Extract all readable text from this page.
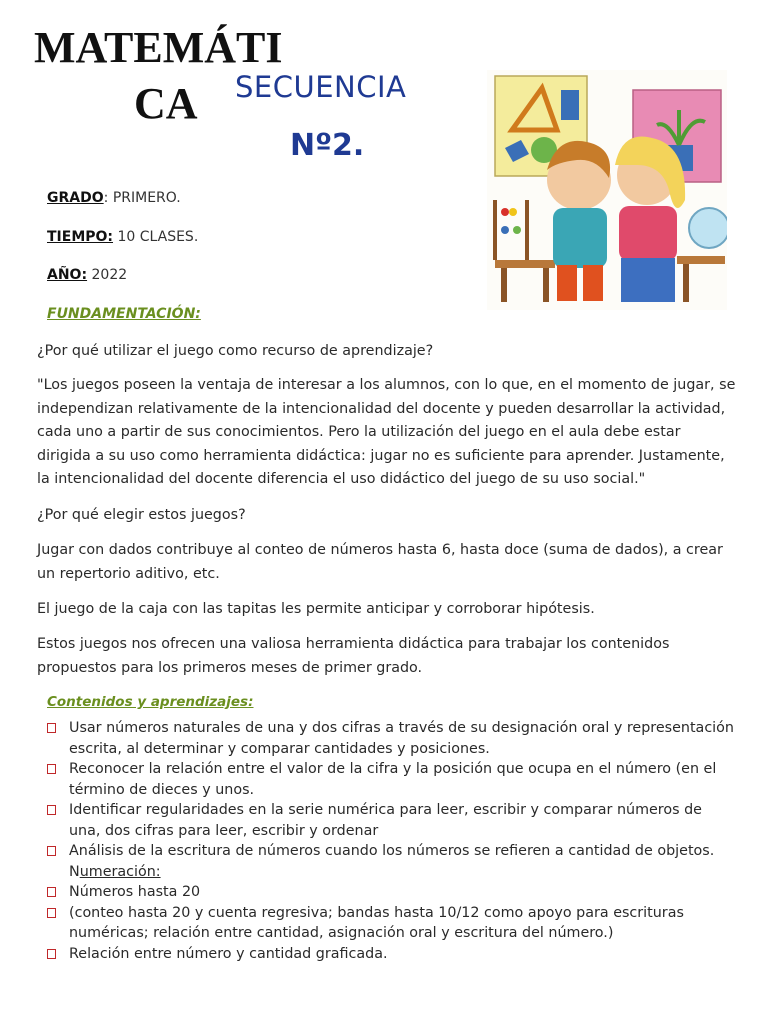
MATEMÁTI
CA	SECUENCIA
Nº2.
GRADO: PRIMERO.
TIEMPO: 10 CLASES.
AÑO: 2022
FUNDAMENTACIÓN:
¿Por qué utilizar el juego como recurso de aprendizaje?
"Los juegos poseen la ventaja de interesar a los alumnos, con lo que, en el momento de jugar, se independizan relativamente de la intencionalidad del docente y pueden desarrollar la actividad, cada uno a partir de sus conocimientos. Pero la utilización del juego en el aula debe estar dirigida a su uso como herramienta didáctica: jugar no es suficiente para aprender. Justamente, la intencionalidad del docente diferencia el uso didáctico del juego de su uso social."
¿Por qué elegir estos juegos?
Jugar con dados contribuye al conteo de números hasta 6, hasta doce (suma de dados), a crear un repertorio aditivo, etc.
El juego de la caja con las tapitas les permite anticipar y corroborar hipótesis.
Estos juegos nos ofrecen una valiosa herramienta didáctica para trabajar los contenidos propuestos para los primeros meses de primer grado.
Contenidos y aprendizajes:
Usar números naturales de una y dos cifras a través de su designación oral y representación escrita, al determinar y comparar cantidades y posiciones.
Reconocer la relación entre el valor de la cifra y la posición que ocupa en el número (en el término de dieces y unos.
Identificar regularidades en la serie numérica para leer, escribir y comparar números de una, dos cifras para leer, escribir y ordenar
Análisis de la escritura de números cuando los números se refieren a cantidad de objetos. Numeración:
Números hasta 20
(conteo hasta 20 y cuenta regresiva; bandas hasta 10/12 como apoyo para escrituras numéricas; relación entre cantidad, asignación oral y escritura del número.)
Relación entre número y cantidad graficada.
